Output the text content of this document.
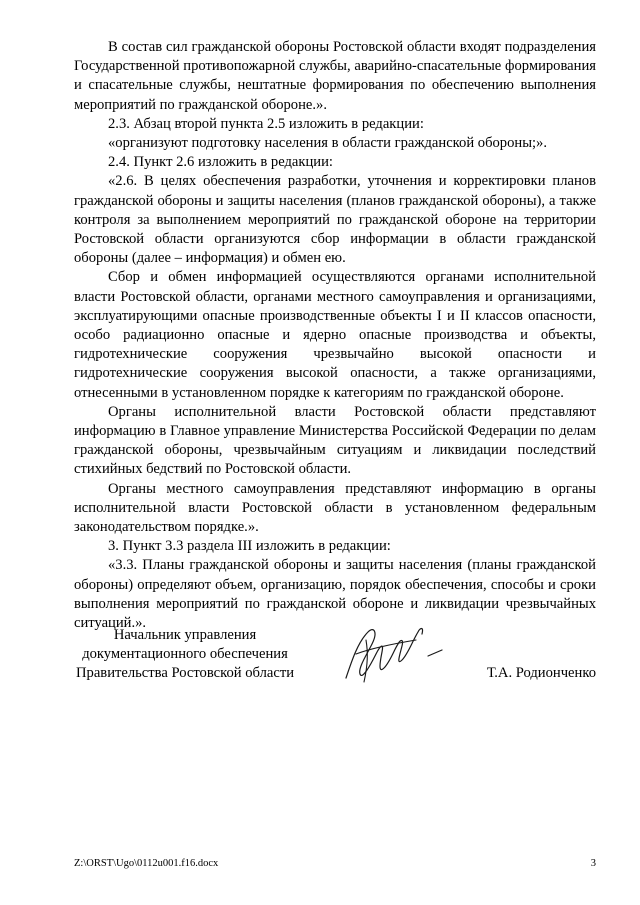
В состав сил гражданской обороны Ростовской области входят подразделения Государственной противопожарной службы, аварийно-спасательные формирования и спасательные службы, нештатные формирования по обеспечению выполнения мероприятий по гражданской обороне.».

2.3. Абзац второй пункта 2.5 изложить в редакции:

«организуют подготовку населения в области гражданской обороны;».

2.4. Пункт 2.6 изложить в редакции:

«2.6. В целях обеспечения разработки, уточнения и корректировки планов гражданской обороны и защиты населения (планов гражданской обороны), а также контроля за выполнением мероприятий по гражданской обороне на территории Ростовской области организуются сбор информации в области гражданской обороны (далее – информация) и обмен ею.

Сбор и обмен информацией осуществляются органами исполнительной власти Ростовской области, органами местного самоуправления и организациями, эксплуатирующими опасные производственные объекты I и II классов опасности, особо радиационно опасные и ядерно опасные производства и объекты, гидротехнические сооружения чрезвычайно высокой опасности и гидротехнические сооружения высокой опасности, а также организациями, отнесенными в установленном порядке к категориям по гражданской обороне.

Органы исполнительной власти Ростовской области представляют информацию в Главное управление Министерства Российской Федерации по делам гражданской обороны, чрезвычайным ситуациям и ликвидации последствий стихийных бедствий по Ростовской области.

Органы местного самоуправления представляют информацию в органы исполнительной власти Ростовской области в установленном федеральным законодательством порядке.».

3. Пункт 3.3 раздела III изложить в редакции:

«3.3. Планы гражданской обороны и защиты населения (планы гражданской обороны) определяют объем, организацию, порядок обеспечения, способы и сроки выполнения мероприятий по гражданской обороне и ликвидации чрезвычайных ситуаций.».

Начальник управления
документационного обеспечения
Правительства Ростовской области	Т.А. Родионченко
Z:\ORST\Ugo\0112u001.f16.docx	3
